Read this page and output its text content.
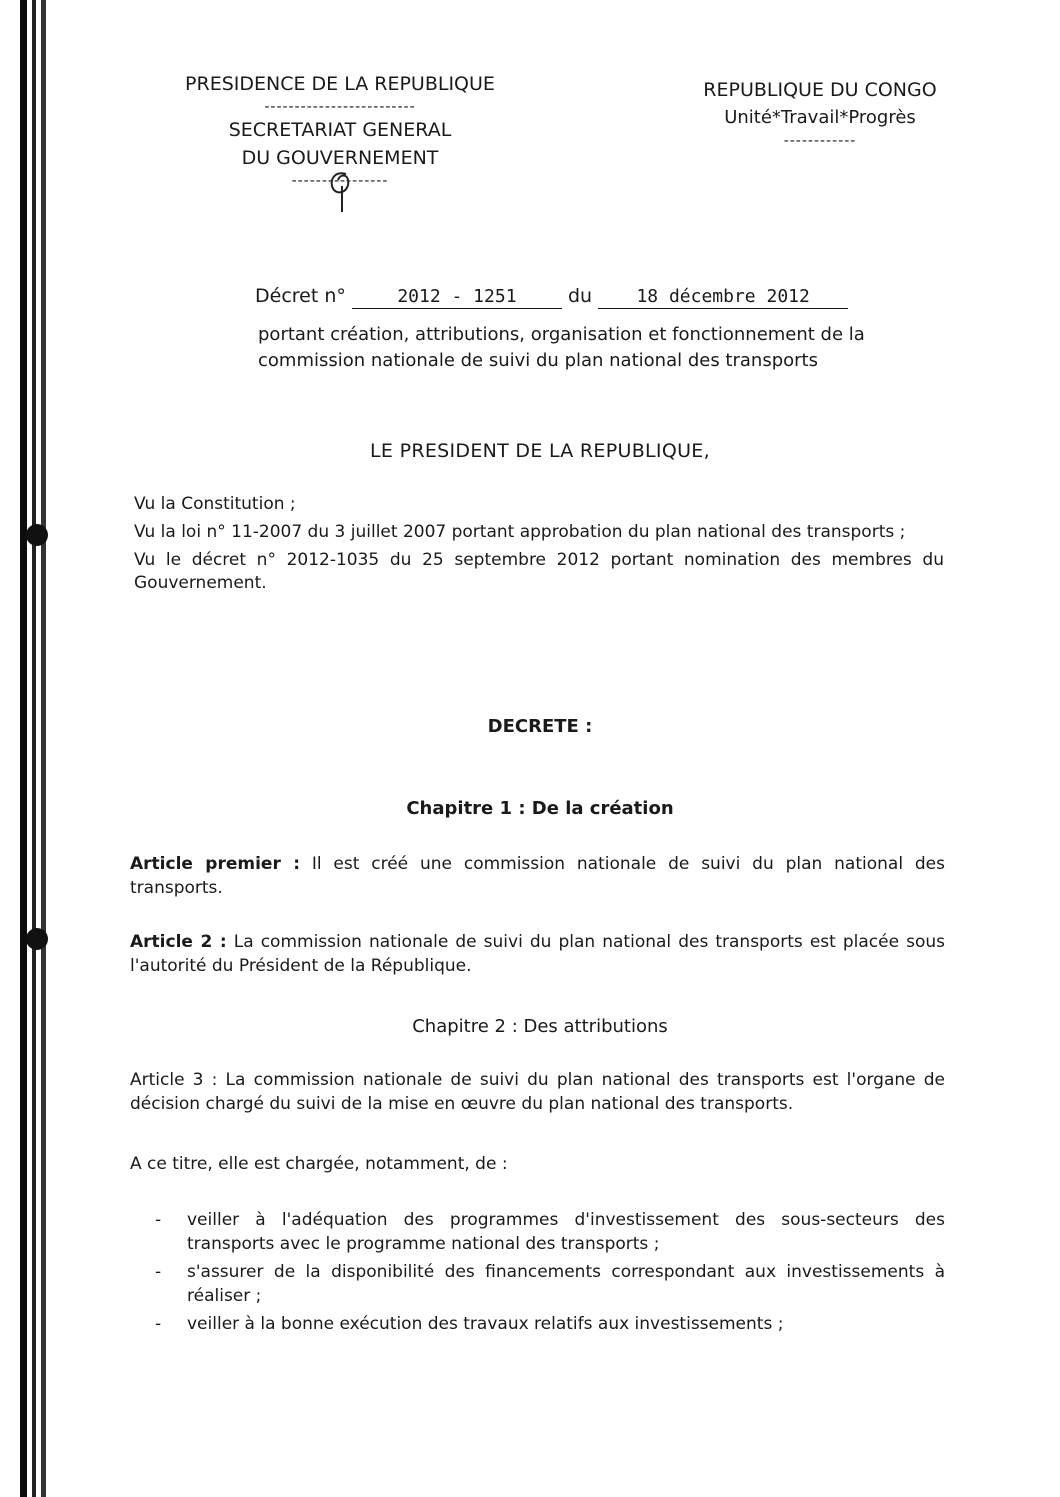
PRESIDENCE DE LA REPUBLIQUE
-------------------------
SECRETARIAT GENERAL
DU GOUVERNEMENT
----------------
REPUBLIQUE DU CONGO
Unité*Travail*Progrès
------------
Décret n°	2012 - 1251	du 18 décembre 2012
portant création, attributions, organisation et fonctionnement de la commission nationale de suivi du plan national des transports
LE PRESIDENT DE LA REPUBLIQUE,

Vu la Constitution ;

Vu la loi n° 11-2007 du 3 juillet 2007 portant approbation du plan national des transports ;

Vu le décret n° 2012-1035 du 25 septembre 2012 portant nomination des membres du Gouvernement.

DECRETE :
Chapitre 1 : De la création
Article premier : Il est créé une commission nationale de suivi du plan national des transports.
Article 2 : La commission nationale de suivi du plan national des transports est placée sous l'autorité du Président de la République.
Chapitre 2 : Des attributions
Article 3 : La commission nationale de suivi du plan national des transports est l'organe de décision chargé du suivi de la mise en œuvre du plan national des transports.
A ce titre, elle est chargée, notamment, de :
- veiller à l'adéquation des programmes d'investissement des sous-secteurs des transports avec le programme national des transports ;
- s'assurer de la disponibilité des financements correspondant aux investissements à réaliser ;
- veiller à la bonne exécution des travaux relatifs aux investissements ;
